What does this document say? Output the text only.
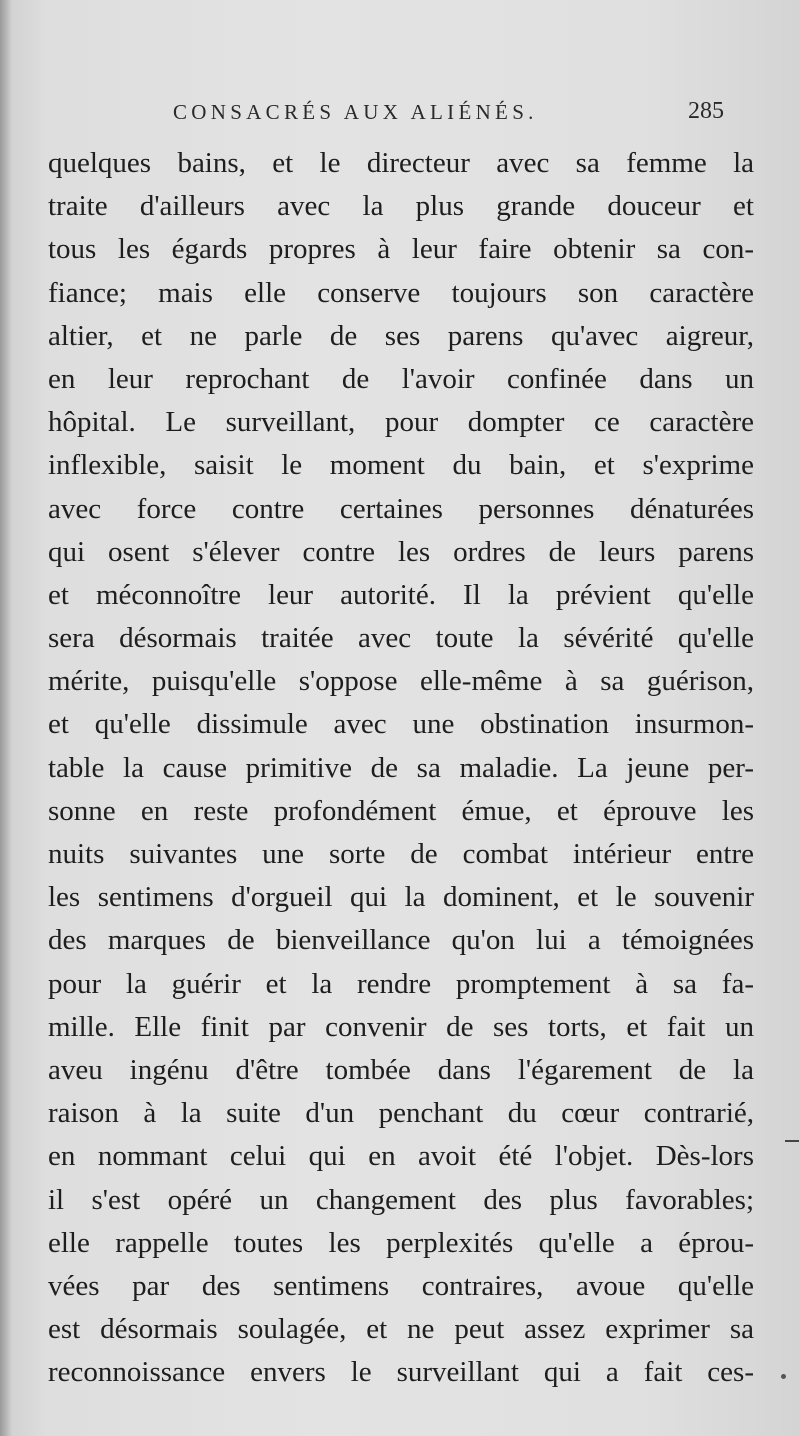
CONSACRÉS AUX ALIÉNÉS.	285
quelques bains, et le directeur avec sa femme la
traite d'ailleurs avec la plus grande douceur et
tous les égards propres à leur faire obtenir sa con-
fiance; mais elle conserve toujours son caractère
altier, et ne parle de ses parens qu'avec aigreur,
en leur reprochant de l'avoir confinée dans un
hôpital. Le surveillant, pour dompter ce caractère
inflexible, saisit le moment du bain, et s'exprime
avec force contre certaines personnes dénaturées
qui osent s'élever contre les ordres de leurs parens
et méconnoître leur autorité. Il la prévient qu'elle
sera désormais traitée avec toute la sévérité qu'elle
mérite, puisqu'elle s'oppose elle-même à sa guérison,
et qu'elle dissimule avec une obstination insurmon-
table la cause primitive de sa maladie. La jeune per-
sonne en reste profondément émue, et éprouve les
nuits suivantes une sorte de combat intérieur entre
les sentimens d'orgueil qui la dominent, et le souvenir
des marques de bienveillance qu'on lui a témoignées
pour la guérir et la rendre promptement à sa fa-
mille. Elle finit par convenir de ses torts, et fait un
aveu ingénu d'être tombée dans l'égarement de la
raison à la suite d'un penchant du cœur contrarié,
en nommant celui qui en avoit été l'objet. Dès-lors
il s'est opéré un changement des plus favorables;
elle rappelle toutes les perplexités qu'elle a éprou-
vées par des sentimens contraires, avoue qu'elle
est désormais soulagée, et ne peut assez exprimer sa
reconnoissance envers le surveillant qui a fait ces-
